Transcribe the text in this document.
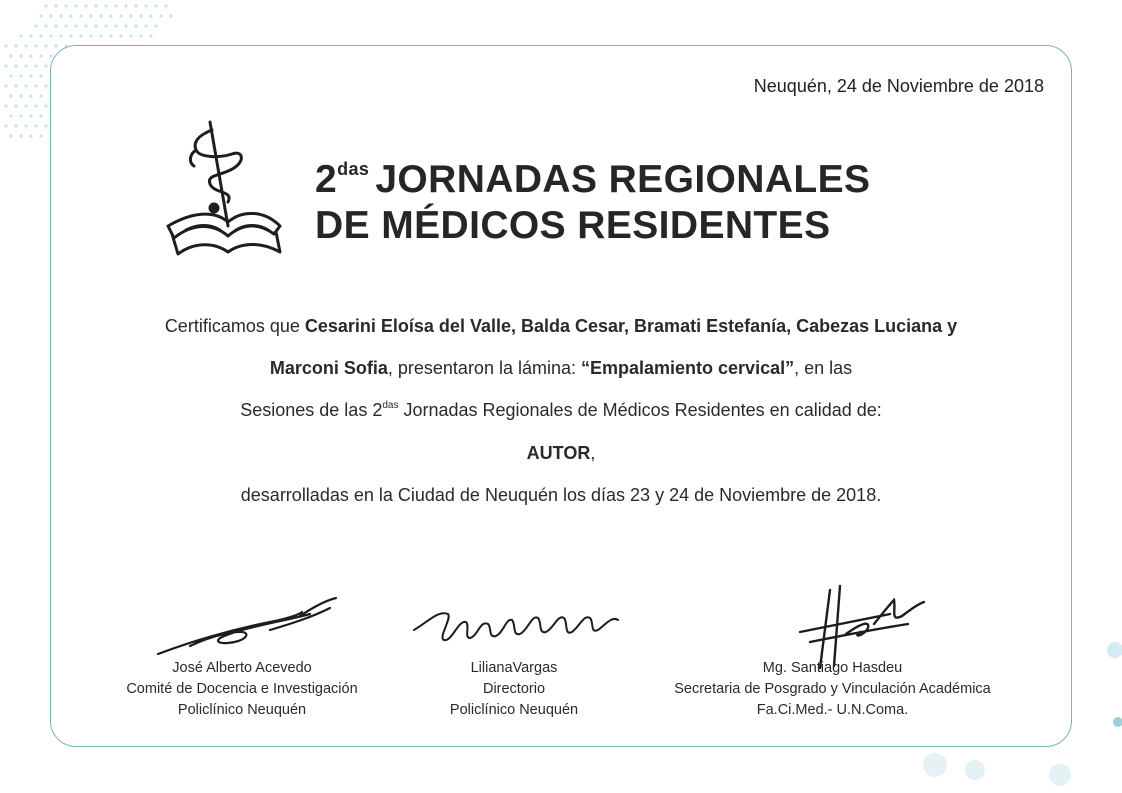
Neuquén, 24 de Noviembre de 2018
$2^{das}$ JORNADAS REGIONALES
DE MÉDICOS RESIDENTES
Certificamos que Cesarini Eloísa del Valle, Balda Cesar, Bramati Estefanía, Cabezas Luciana y
Marconi Sofia, presentaron la lámina: “Empalamiento cervical”, en las
Sesiones de las $2^{das}$ Jornadas Regionales de Médicos Residentes en calidad de:
AUTOR,
desarrolladas en la Ciudad de Neuquén los días 23 y 24 de Noviembre de 2018.
José Alberto Acevedo
Comité de Docencia e Investigación
Policlínico Neuquén
LilianaVargas
Directorio
Policlínico Neuquén
Mg. Santiago Hasdeu
Secretaria de Posgrado y Vinculación Académica
Fa.Ci.Med.- U.N.Coma.
